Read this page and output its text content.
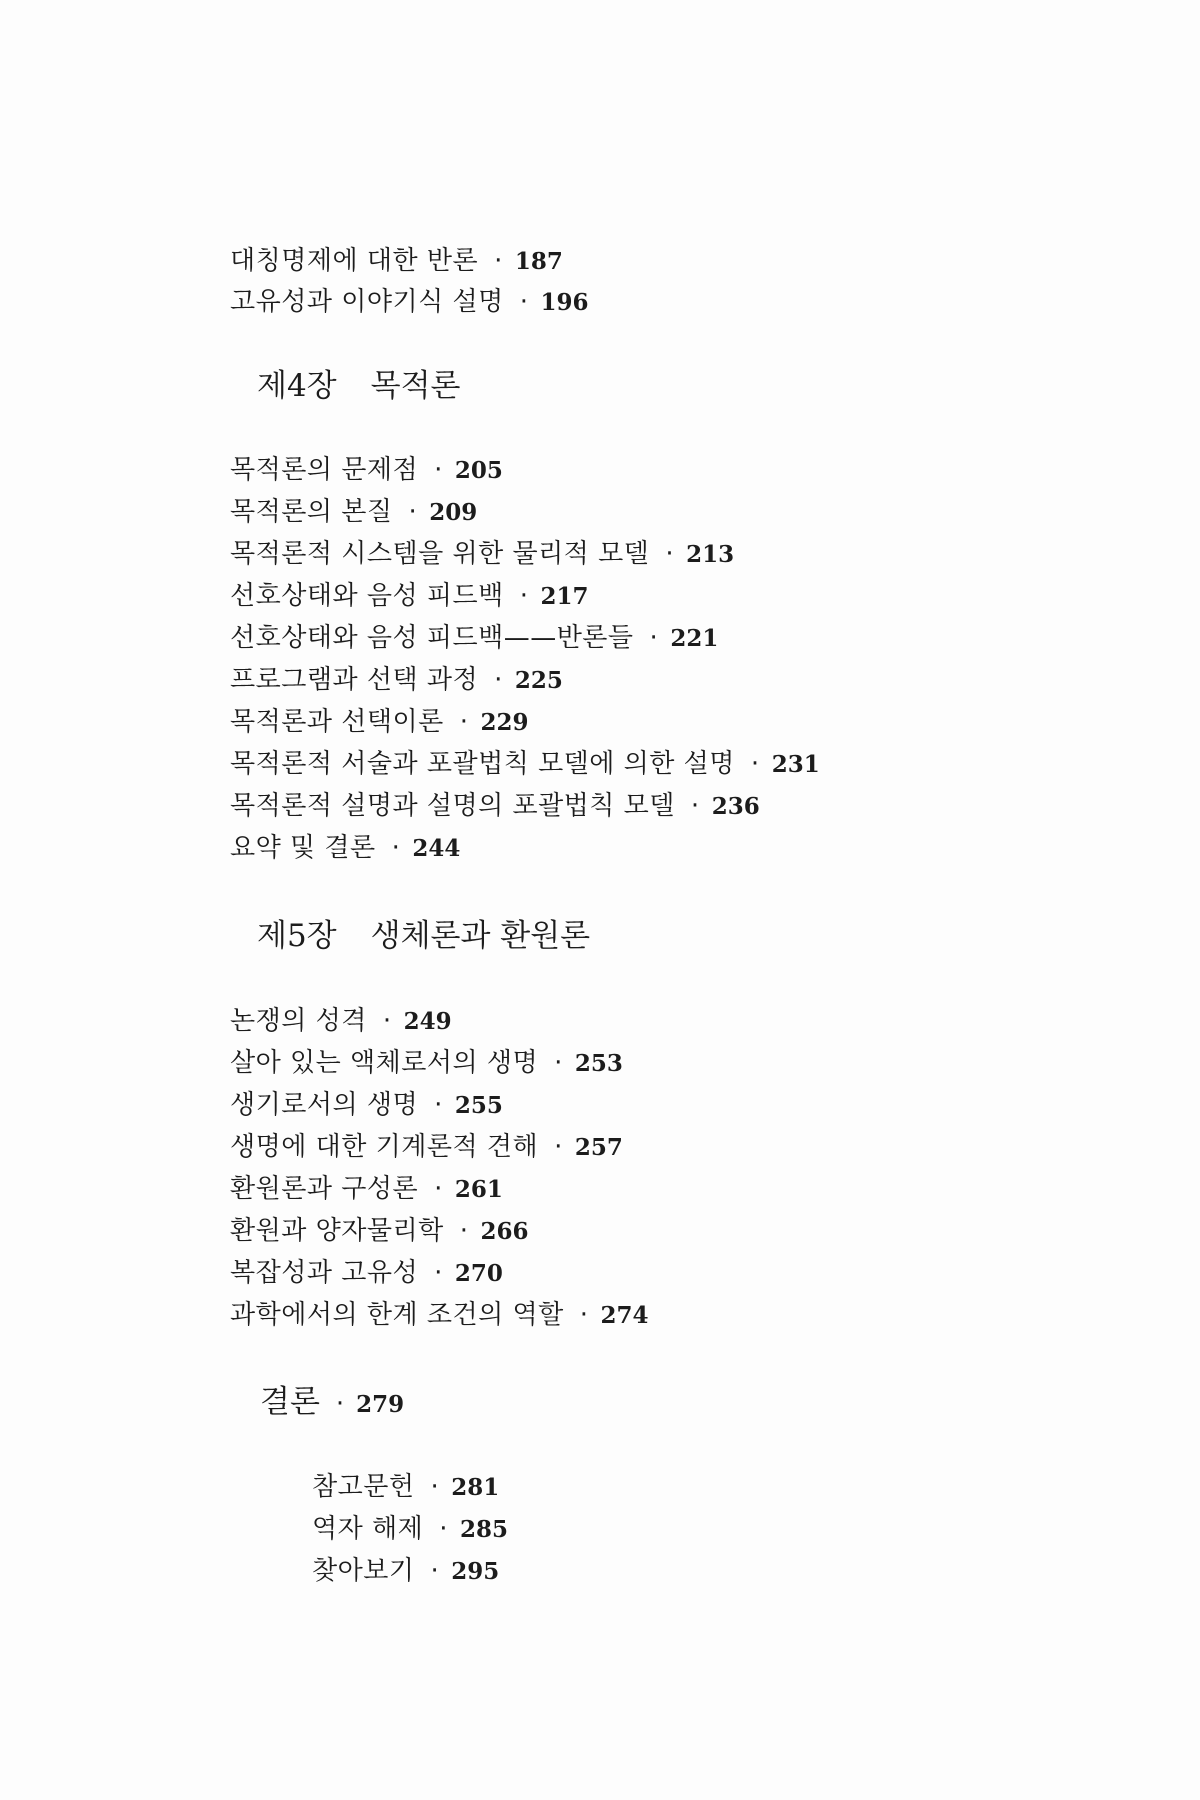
대칭명제에 대한 반론 · 187
고유성과 이야기식 설명 · 196
제4장 목적론
목적론의 문제점 · 205
목적론의 본질 · 209
목적론적 시스템을 위한 물리적 모델 · 213
선호상태와 음성 피드백 · 217
선호상태와 음성 피드백——반론들 · 221
프로그램과 선택 과정 · 225
목적론과 선택이론 · 229
목적론적 서술과 포괄법칙 모델에 의한 설명 · 231
목적론적 설명과 설명의 포괄법칙 모델 · 236
요약 및 결론 · 244
제5장 생체론과 환원론
논쟁의 성격 · 249
살아 있는 액체로서의 생명 · 253
생기로서의 생명 · 255
생명에 대한 기계론적 견해 · 257
환원론과 구성론 · 261
환원과 양자물리학 · 266
복잡성과 고유성 · 270
과학에서의 한계 조건의 역할 · 274
결론 · 279
참고문헌 · 281
역자 해제 · 285
찾아보기 · 295
